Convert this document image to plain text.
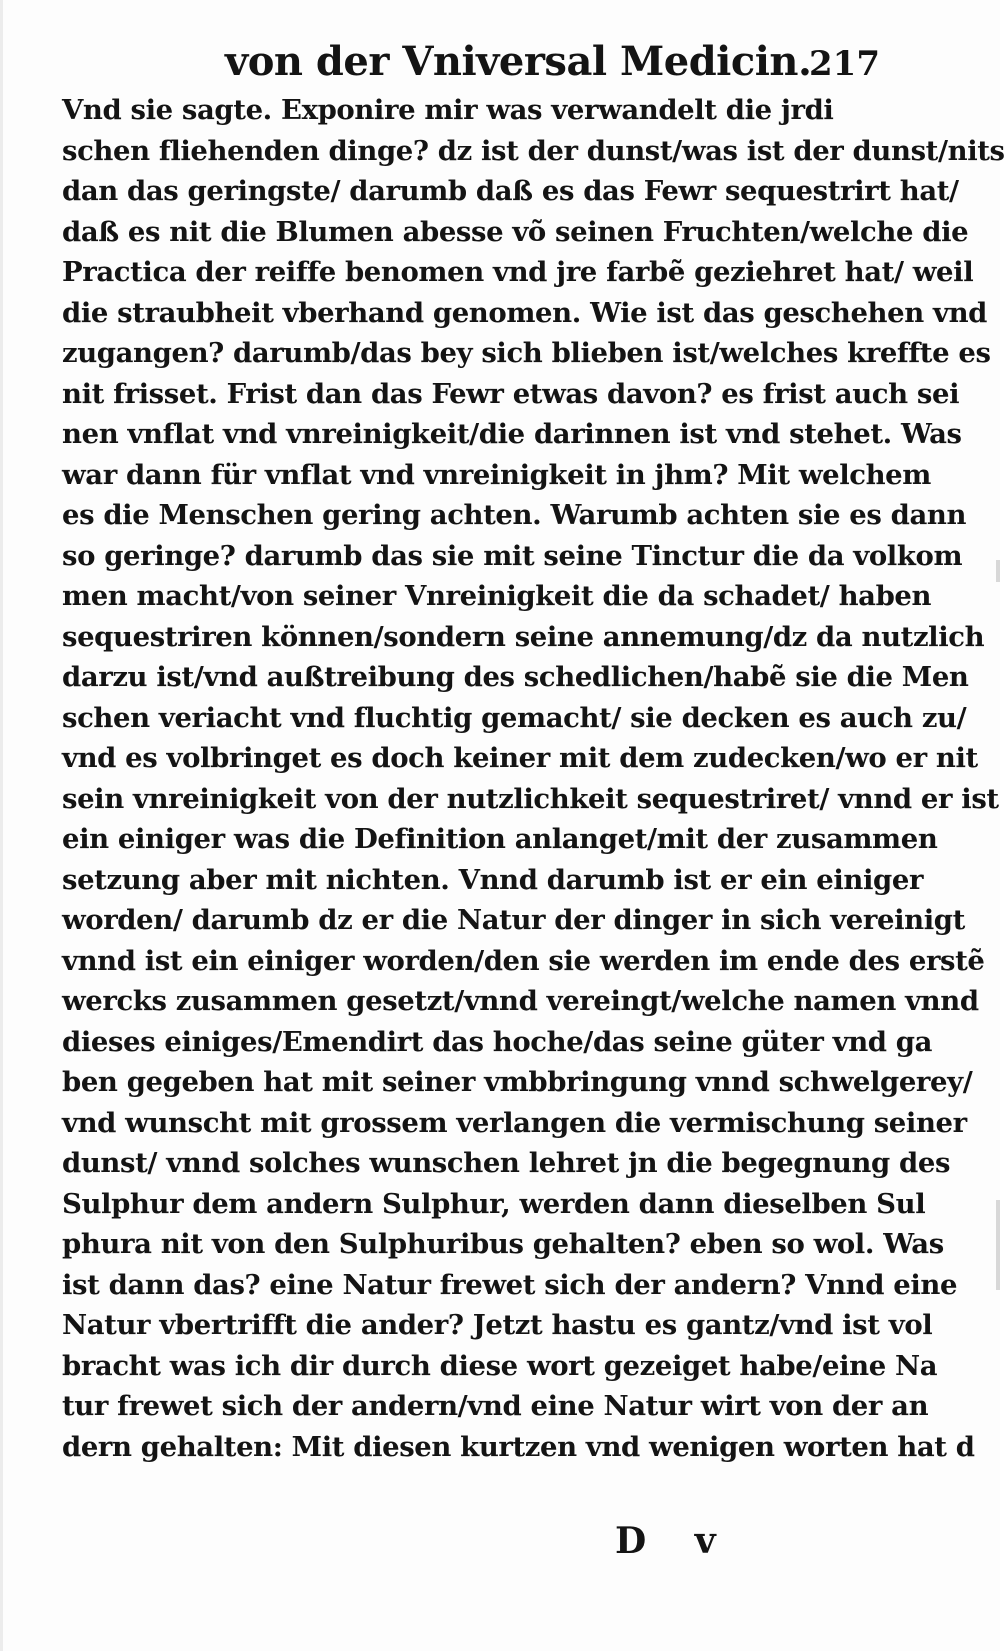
von der Vniversal Medicin.
217
Vnd sie sagte. Exponire mir was verwandelt die jrdi
schen fliehenden dinge? dz ist der dunst/was ist der dunst/nits
dan das geringste/ darumb daß es das Fewr sequestrirt hat/
daß es nit die Blumen abesse võ seinen Fruchten/welche die
Practica der reiffe benomen vnd jre farbẽ geziehret hat/ weil
die straubheit vberhand genomen. Wie ist das geschehen vnd
zugangen? darumb/das bey sich blieben ist/welches kreffte es
nit frisset. Frist dan das Fewr etwas davon? es frist auch sei
nen vnflat vnd vnreinigkeit/die darinnen ist vnd stehet. Was
war dann für vnflat vnd vnreinigkeit in jhm? Mit welchem
es die Menschen gering achten. Warumb achten sie es dann
so geringe? darumb das sie mit seine Tinctur die da volkom
men macht/von seiner Vnreinigkeit die da schadet/ haben
sequestriren können/sondern seine annemung/dz da nutzlich
darzu ist/vnd außtreibung des schedlichen/habẽ sie die Men
schen veriacht vnd fluchtig gemacht/ sie decken es auch zu/
vnd es volbringet es doch keiner mit dem zudecken/wo er nit
sein vnreinigkeit von der nutzlichkeit sequestriret/ vnnd er ist
ein einiger was die Definition anlanget/mit der zusammen
setzung aber mit nichten. Vnnd darumb ist er ein einiger
worden/ darumb dz er die Natur der dinger in sich vereinigt
vnnd ist ein einiger worden/den sie werden im ende des erstẽ
wercks zusammen gesetzt/vnnd vereingt/welche namen vnnd
dieses einiges/Emendirt das hoche/das seine güter vnd ga
ben gegeben hat mit seiner vmbbringung vnnd schwelgerey/
vnd wunscht mit grossem verlangen die vermischung seiner
dunst/ vnnd solches wunschen lehret jn die begegnung des
Sulphur dem andern Sulphur, werden dann dieselben Sul
phura nit von den Sulphuribus gehalten? eben so wol. Was
ist dann das? eine Natur frewet sich der andern? Vnnd eine
Natur vbertrifft die ander? Jetzt hastu es gantz/vnd ist vol
bracht was ich dir durch diese wort gezeiget habe/eine Na
tur frewet sich der andern/vnd eine Natur wirt von der an
dern gehalten: Mit diesen kurtzen vnd wenigen worten hat d
D v
